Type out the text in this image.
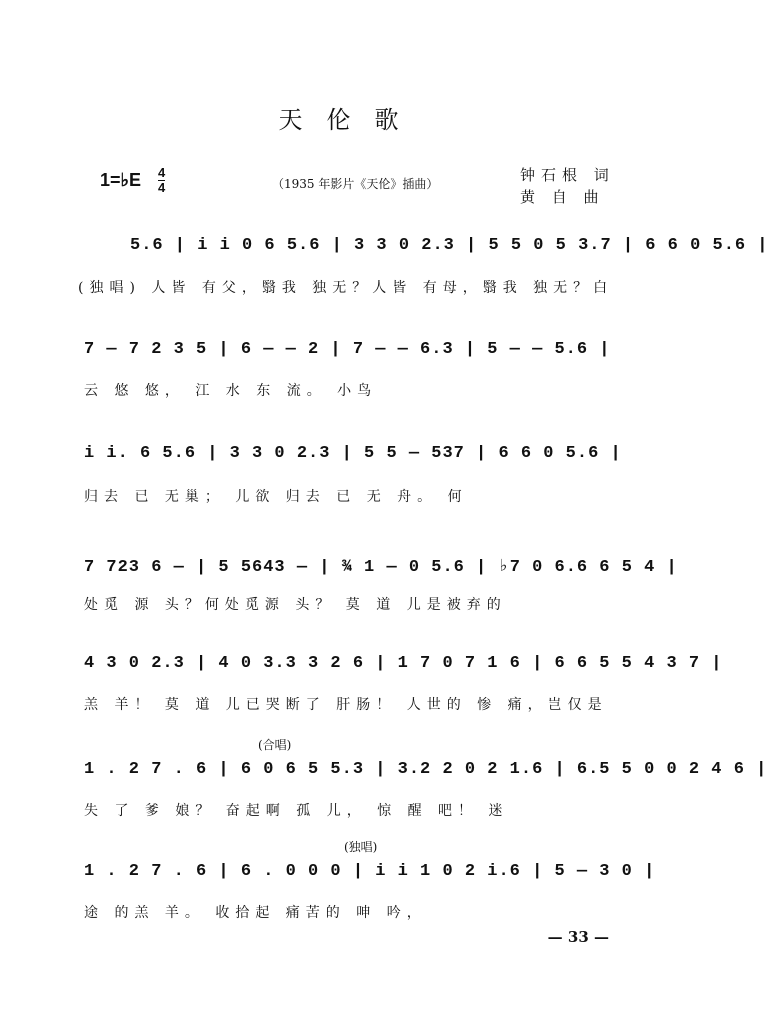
天伦歌
1=♭E 4
4	（1935 年影片《天伦》插曲）	钟石根 词
黄 自 曲
5.6 | i i 0 6 5.6 | 3 3 0 2.3 | 5 5 0 5 3.7 | 6 6 0 5.6 |
(独唱) 人皆 有父，翳我 独无？人皆 有母，翳我 独无？白
7 — 7 2 3 5 | 6 — — 2 | 7 — — 6.3 | 5 — — 5.6 |
云 悠 悠， 江 水 东 流。 小鸟
i i. 6 5.6 | 3 3 0 2.3 | 5 5 — 537 | 6 6 0 5.6 |
归去 已 无巢； 儿欲 归去 已 无 舟。 何
7 723 6 — | 5 5643 — | ¾ 1 — 0 5.6 | ♭7 0 6.6 6 5 4 |
处觅 源 头？何处觅源 头？ 莫 道 儿是被弃的
4 3 0 2.3 | 4 0 3.3 3 2 6 | 1 7 0 7 1 6 | 6 6 5 5 4 3 7 |
羔 羊！ 莫 道 儿已哭断了 肝肠！ 人世的 惨 痛，岂仅是
(合唱)
1 . 2 7 . 6 | 6 0 6 5 5.3 | 3.2 2 0 2 1.6 | 6.5 5 0 0 2 4 6 |
失 了 爹 娘？ 奋起啊 孤 儿， 惊 醒 吧！ 迷
(独唱)
1 . 2 7 . 6 | 6 . 0 0 0 | i i 1 0 2 i.6 | 5 — 3 0 |
途 的羔 羊。 收拾起 痛苦的 呻 吟，
— 33 —
